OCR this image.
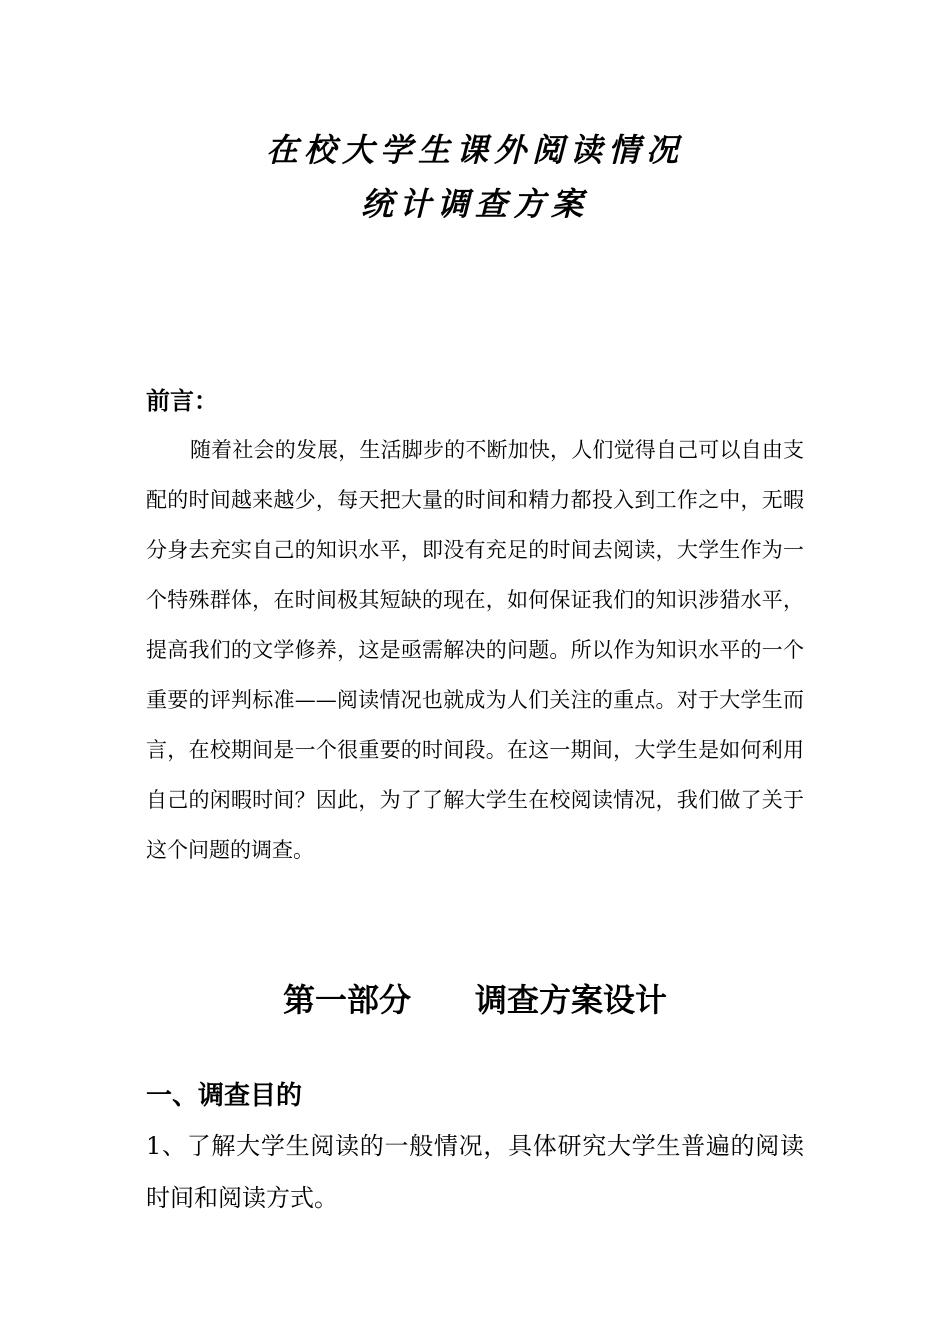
在校大学生课外阅读情况
统计调查方案
前言：

随着社会的发展，生活脚步的不断加快，人们觉得自己可以自由支配的时间越来越少，每天把大量的时间和精力都投入到工作之中，无暇分身去充实自己的知识水平，即没有充足的时间去阅读，大学生作为一个特殊群体，在时间极其短缺的现在，如何保证我们的知识涉猎水平，提高我们的文学修养，这是亟需解决的问题。所以作为知识水平的一个重要的评判标准——阅读情况也就成为人们关注的重点。对于大学生而言，在校期间是一个很重要的时间段。在这一期间，大学生是如何利用自己的闲暇时间？因此，为了了解大学生在校阅读情况，我们做了关于这个问题的调查。

第一部分　　调查方案设计
一、调查目的

1、了解大学生阅读的一般情况，具体研究大学生普遍的阅读时间和阅读方式。
